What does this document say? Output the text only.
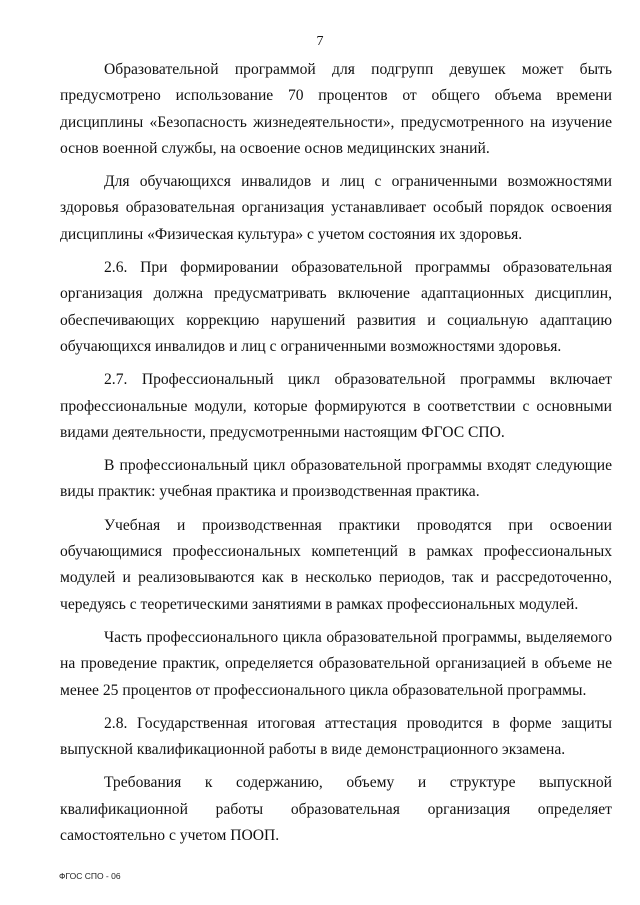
7

Образовательной программой для подгрупп девушек может быть предусмотрено использование 70 процентов от общего объема времени дисциплины «Безопасность жизнедеятельности», предусмотренного на изучение основ военной службы, на освоение основ медицинских знаний.

Для обучающихся инвалидов и лиц с ограниченными возможностями здоровья образовательная организация устанавливает особый порядок освоения дисциплины «Физическая культура» с учетом состояния их здоровья.

2.6. При формировании образовательной программы образовательная организация должна предусматривать включение адаптационных дисциплин, обеспечивающих коррекцию нарушений развития и социальную адаптацию обучающихся инвалидов и лиц с ограниченными возможностями здоровья.

2.7. Профессиональный цикл образовательной программы включает профессиональные модули, которые формируются в соответствии с основными видами деятельности, предусмотренными настоящим ФГОС СПО.

В профессиональный цикл образовательной программы входят следующие виды практик: учебная практика и производственная практика.

Учебная и производственная практики проводятся при освоении обучающимися профессиональных компетенций в рамках профессиональных модулей и реализовываются как в несколько периодов, так и рассредоточенно, чередуясь с теоретическими занятиями в рамках профессиональных модулей.

Часть профессионального цикла образовательной программы, выделяемого на проведение практик, определяется образовательной организацией в объеме не менее 25 процентов от профессионального цикла образовательной программы.

2.8. Государственная итоговая аттестация проводится в форме защиты выпускной квалификационной работы в виде демонстрационного экзамена.

Требования к содержанию, объему и структуре выпускной квалификационной работы образовательная организация определяет самостоятельно с учетом ПООП.

ФГОС СПО - 06
